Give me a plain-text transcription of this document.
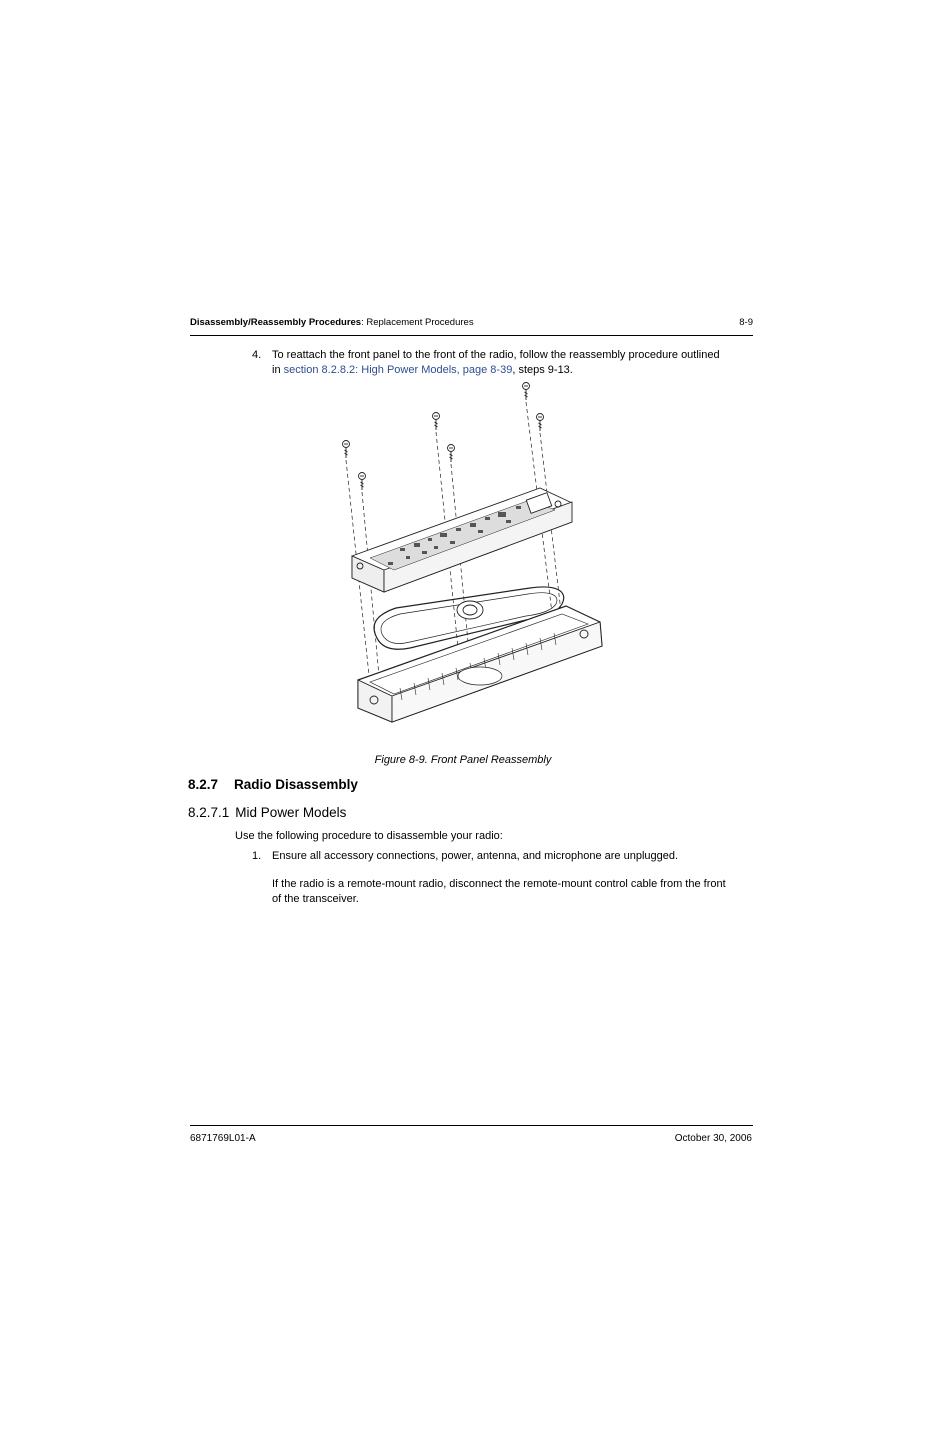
Disassembly/Reassembly Procedures: Replacement Procedures	8-9
4. To reattach the front panel to the front of the radio, follow the reassembly procedure outlined
in section 8.2.8.2: High Power Models, page 8-39, steps 9-13.
Figure 8-9. Front Panel Reassembly
8.2.7 Radio Disassembly
8.2.7.1 Mid Power Models
Use the following procedure to disassemble your radio:
1. Ensure all accessory connections, power, antenna, and microphone are unplugged.
If the radio is a remote-mount radio, disconnect the remote-mount control cable from the front
of the transceiver.
6871769L01-A	October 30, 2006
